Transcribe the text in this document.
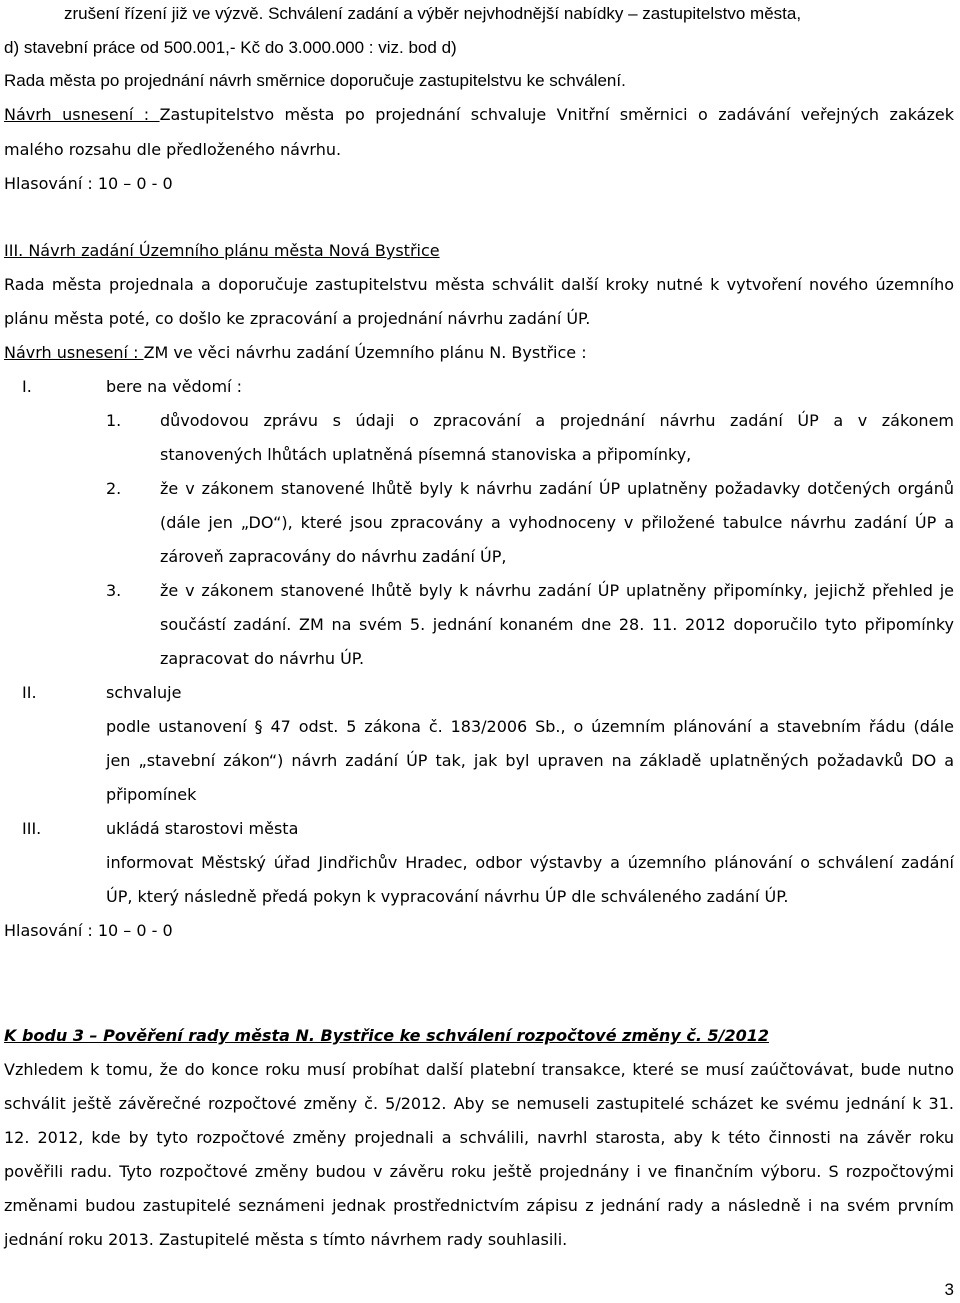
zrušení řízení již ve výzvě. Schválení zadání a výběr nejvhodnější nabídky – zastupitelstvo města,
d) stavební práce od 500.001,- Kč do 3.000.000 : viz. bod d)
Rada města po projednání návrh směrnice doporučuje zastupitelstvu ke schválení.
Návrh usnesení : Zastupitelstvo města po projednání schvaluje Vnitřní směrnici o zadávání veřejných zakázek
malého rozsahu dle předloženého návrhu.
Hlasování : 10 – 0 - 0
III. Návrh zadání Územního plánu města Nová Bystřice
Rada města projednala a doporučuje zastupitelstvu města schválit další kroky nutné k vytvoření nového územního
plánu města poté, co došlo ke zpracování a projednání návrhu zadání ÚP.
Návrh usnesení : ZM ve věci návrhu zadání Územního plánu N. Bystřice :
I.	bere na vědomí :
1. důvodovou zprávu s údaji o zpracování a projednání návrhu zadání ÚP a v zákonem
stanovených lhůtách uplatněná písemná stanoviska a připomínky,
2. že v zákonem stanovené lhůtě byly k návrhu zadání ÚP uplatněny požadavky dotčených orgánů
(dále jen „DO“), které jsou zpracovány a vyhodnoceny v přiložené tabulce návrhu zadání ÚP a
zároveň zapracovány do návrhu zadání ÚP,
3. že v zákonem stanovené lhůtě byly k návrhu zadání ÚP uplatněny připomínky, jejichž přehled je
součástí zadání. ZM na svém 5. jednání konaném dne 28. 11. 2012 doporučilo tyto připomínky
zapracovat do návrhu ÚP.
II.	schvaluje
podle ustanovení § 47 odst. 5 zákona č. 183/2006 Sb., o územním plánování a stavebním řádu (dále
jen „stavební zákon“) návrh zadání ÚP tak, jak byl upraven na základě uplatněných požadavků DO a
připomínek
III.	ukládá starostovi města
informovat Městský úřad Jindřichův Hradec, odbor výstavby a územního plánování o schválení zadání
ÚP, který následně předá pokyn k vypracování návrhu ÚP dle schváleného zadání ÚP.
Hlasování : 10 – 0 - 0
K bodu 3 – Pověření rady města N. Bystřice ke schválení rozpočtové změny č. 5/2012
Vzhledem k tomu, že do konce roku musí probíhat další platební transakce, které se musí zaúčtovávat, bude nutno
schválit ještě závěrečné rozpočtové změny č. 5/2012. Aby se nemuseli zastupitelé scházet ke svému jednání k 31.
12. 2012, kde by tyto rozpočtové změny projednali a schválili, navrhl starosta, aby k této činnosti na závěr roku
pověřili radu. Tyto rozpočtové změny budou v závěru roku ještě projednány i ve finančním výboru. S rozpočtovými
změnami budou zastupitelé seznámeni jednak prostřednictvím zápisu z jednání rady a následně i na svém prvním
jednání roku 2013. Zastupitelé města s tímto návrhem rady souhlasili.
3
